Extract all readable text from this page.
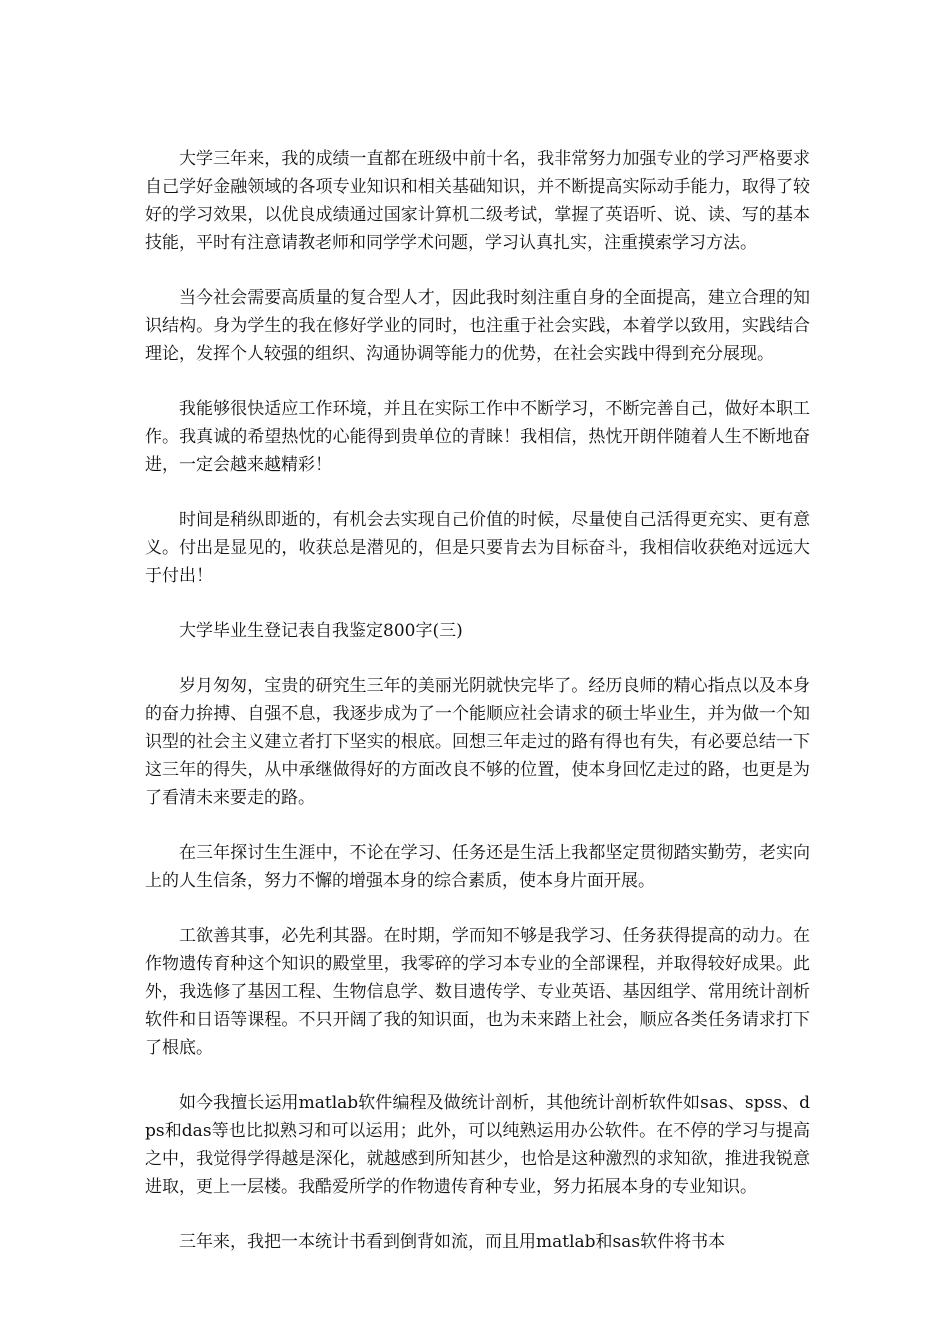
大学三年来，我的成绩一直都在班级中前十名，我非常努力加强专业的学习严格要求自己学好金融领域的各项专业知识和相关基础知识，并不断提高实际动手能力，取得了较好的学习效果，以优良成绩通过国家计算机二级考试，掌握了英语听、说、读、写的基本技能，平时有注意请教老师和同学学术问题，学习认真扎实，注重摸索学习方法。

当今社会需要高质量的复合型人才，因此我时刻注重自身的全面提高，建立合理的知识结构。身为学生的我在修好学业的同时，也注重于社会实践，本着学以致用，实践结合理论，发挥个人较强的组织、沟通协调等能力的优势，在社会实践中得到充分展现。

我能够很快适应工作环境，并且在实际工作中不断学习，不断完善自己，做好本职工作。我真诚的希望热忱的心能得到贵单位的青睐！我相信，热忱开朗伴随着人生不断地奋进，一定会越来越精彩！

时间是稍纵即逝的，有机会去实现自己价值的时候，尽量使自己活得更充实、更有意义。付出是显见的，收获总是潜见的，但是只要肯去为目标奋斗，我相信收获绝对远远大于付出！

大学毕业生登记表自我鉴定800字(三)

岁月匆匆，宝贵的研究生三年的美丽光阴就快完毕了。经历良师的精心指点以及本身的奋力拚搏、自强不息，我逐步成为了一个能顺应社会请求的硕士毕业生，并为做一个知识型的社会主义建立者打下坚实的根底。回想三年走过的路有得也有失，有必要总结一下这三年的得失，从中承继做得好的方面改良不够的位置，使本身回忆走过的路，也更是为了看清未来要走的路。

在三年探讨生生涯中，不论在学习、任务还是生活上我都坚定贯彻踏实勤劳，老实向上的人生信条，努力不懈的增强本身的综合素质，使本身片面开展。

工欲善其事，必先利其器。在时期，学而知不够是我学习、任务获得提高的动力。在作物遗传育种这个知识的殿堂里，我零碎的学习本专业的全部课程，并取得较好成果。此外，我选修了基因工程、生物信息学、数目遗传学、专业英语、基因组学、常用统计剖析软件和日语等课程。不只开阔了我的知识面，也为未来踏上社会，顺应各类任务请求打下了根底。

如今我擅长运用matlab软件编程及做统计剖析，其他统计剖析软件如sas、spss、dps和das等也比拟熟习和可以运用；此外，可以纯熟运用办公软件。在不停的学习与提高之中，我觉得学得越是深化，就越感到所知甚少，也恰是这种激烈的求知欲，推进我锐意进取，更上一层楼。我酷爱所学的作物遗传育种专业，努力拓展本身的专业知识。

三年来，我把一本统计书看到倒背如流，而且用matlab和sas软件将书本
